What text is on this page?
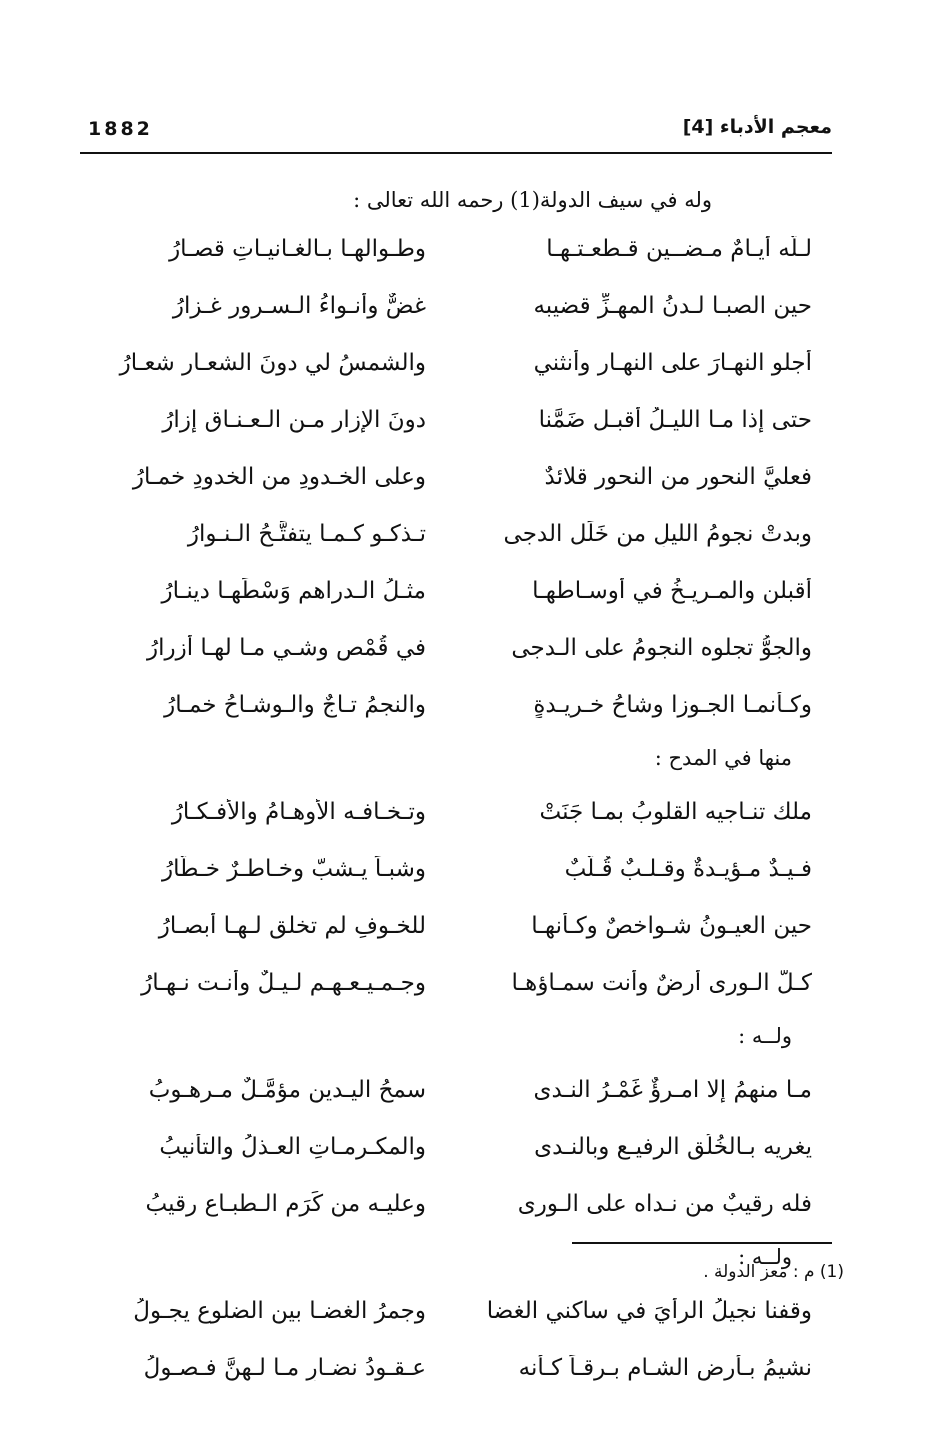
1882	معجم الأدباء [4]
وله في سيف الدولة(1) رحمه الله تعالى :
لـلّه أيـامٌ مـضــين قـطعـتـهـا
وطـوالهـا بـالغـانيـاتِ قصـارُ
حين الصبـا لـدنُ المهـزِّ قضيبه
غضٌّ وأنـواءُ الـسـرورِ غـزارُ
أجلو النهـارَ على النهـارِ وأنثني
والشمسُ لي دونَ الشعـارِ شعـارُ
حتى إذا مـا الليـلُ أقبـل ضَمَّنا
دونَ الإزارِ مـن الـعـنـاق إزارُ
فعليَّ النحورِ من النحورِ قلائدٌ
وعلى الخـدودِ من الخدودِ خمـارُ
وبدتْ نجومُ الليلِ من خَلَل الدجى
تـذكـو كـمـا يتفتَّـحُ الـنـوارُ
أقبلن والمـريـخُ في أوسـاطهـا
مثـلُ الـدراهمِ وَسْطَهـا دينـارُ
والجوُّ تجلوه النجومُ على الـدجى
في قُمْصٍ وشـيٍ مـا لهـا أزرارُ
وكـأنمـا الجـوزا وشاحُ خـريـدةٍ
والنجمُ تـاجٌ والـوشـاحُ خمـارُ
منها في المدح :
ملك تنـاجيه القلوبُ بمـا جَنَتْ
وتـخـافـه الأوهـامُ والأفـكـارُ
فـيـدٌ مـؤيـدةٌ وقـلـبٌ قُـلَّبٌ
وشبـاً يـشبّ وخـاطـرٌ خـطَّارُ
حين العيـونُ شـواخصٌ وكـأنهـا
للخـوفِ لم تخلق لـهـا أبصـارُ
كـلُّ الـورى أرضٌ وأنت سمـاؤهـا
وجـمـيـعـهـم لـيـلٌ وأنـت نـهـارُ
ولــه :
مـا منهمُ إلا امـرؤٌ غَمْـرُ النـدى
سمحُ اليـدين مؤمَّـلٌ مـرهـوبُ
يغريه بـالخُلُقِ الرفيـع وبالنـدى
والمكـرمـاتِ العـذلُ والتأنيبُ
فله رقيبٌ من نـداه على الـورى
وعليـه من كَرَم الـطبـاعِ رقيبُ
ولــه :
وقفنا نجيلُ الرأيَ في ساكني الغضا
وجمرُ الغضـا بين الضلوع يجـولُ
نشيمُ بـأرضِ الشـام بـرقـاً كـأنه
عـقـودُ نضـارٍ مـا لـهنَّ فـصـولُ
(1) م : معز الدولة .
